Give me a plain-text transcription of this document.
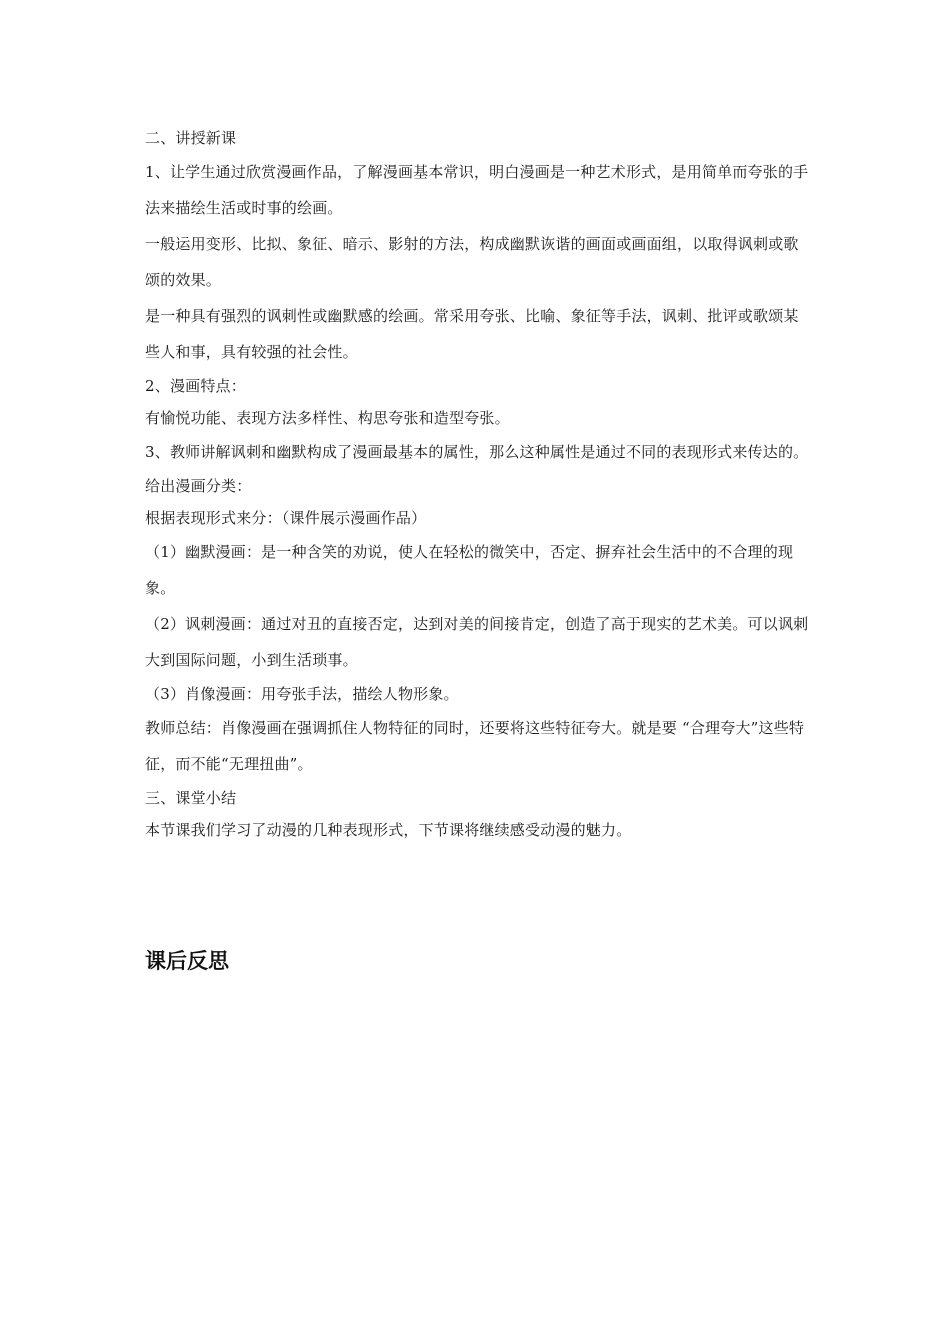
二、讲授新课

1、让学生通过欣赏漫画作品，了解漫画基本常识，明白漫画是一种艺术形式，是用简单而夸张的手法来描绘生活或时事的绘画。

一般运用变形、比拟、象征、暗示、影射的方法，构成幽默诙谐的画面或画面组，以取得讽刺或歌颂的效果。

是一种具有强烈的讽刺性或幽默感的绘画。常采用夸张、比喻、象征等手法，讽刺、批评或歌颂某些人和事，具有较强的社会性。

2、漫画特点：

有愉悦功能、表现方法多样性、构思夸张和造型夸张。

3、教师讲解讽刺和幽默构成了漫画最基本的属性，那么这种属性是通过不同的表现形式来传达的。

给出漫画分类：

根据表现形式来分：（课件展示漫画作品）

（1）幽默漫画：是一种含笑的劝说，使人在轻松的微笑中，否定、摒弃社会生活中的不合理的现象。

（2）讽刺漫画：通过对丑的直接否定，达到对美的间接肯定，创造了高于现实的艺术美。可以讽刺大到国际问题，小到生活琐事。

（3）肖像漫画：用夸张手法，描绘人物形象。

教师总结：肖像漫画在强调抓住人物特征的同时，还要将这些特征夸大。就是要 “合理夸大”这些特征，而不能“无理扭曲”。

三、课堂小结

本节课我们学习了动漫的几种表现形式，下节课将继续感受动漫的魅力。

课后反思
